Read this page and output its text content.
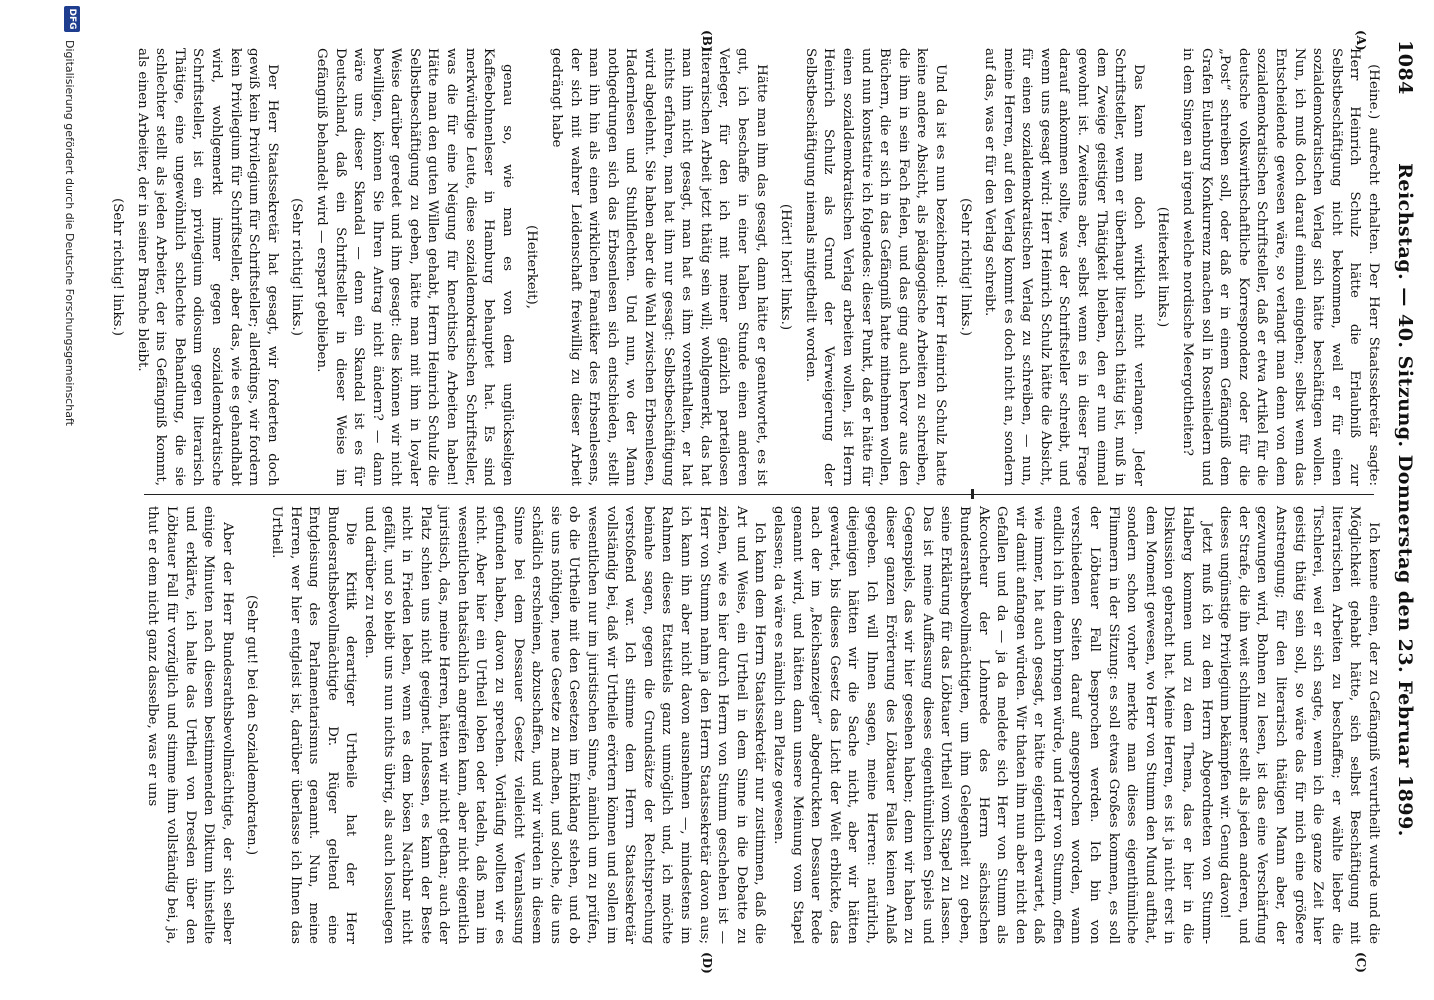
1084
Reichstag. — 40. Sitzung. Donnerstag den 23. Februar 1899.
(A)
(B)
(C)
(D)

(Heine.) aufrecht erhalten. Der Herr Staatssekretär sagte: Herr Heinrich Schulz hätte die Erlaubniß zur Selbstbeschäftigung nicht bekommen, weil er für einen sozialdemokratischen Verlag sich hätte beschäftigen wollen. Nun, ich muß doch darauf einmal eingehen; selbst wenn das Entscheidende gewesen wäre, so verlangt man denn von dem sozialdemokratischen Schriftsteller, daß er etwa Artikel für die deutsche volkswirthschaftliche Korrespondenz oder für die „Post“ schreiben soll, oder daß er in einem Gefängniß dem Grafen Eulenburg Konkurrenz machen soll in Rosenliedern und in dem Singen an irgend welche nordische Meergottheiten?

(Heiterkeit links.)

Das kann man doch wirklich nicht verlangen. Jeder Schriftsteller, wenn er überhaupt literarisch thätig ist, muß in dem Zweige geistiger Thätigkeit bleiben, den er nun einmal gewohnt ist. Zweitens aber, selbst wenn es in dieser Frage darauf ankommen sollte, was der Schriftsteller schreibt, und wenn uns gesagt wird: Herr Heinrich Schulz hätte die Absicht, für einen sozialdemokratischen Verlag zu schreiben, — nun, meine Herren, auf den Verlag kommt es doch nicht an, sondern auf das, was er für den Verlag schreibt.

(Sehr richtig! links.)

Und da ist es nun bezeichnend: Herr Heinrich Schulz hatte keine andere Absicht, als pädagogische Arbeiten zu schreiben, die ihm in sein Fach fielen, und das ging auch hervor aus den Büchern, die er sich in das Gefängniß hatte mitnehmen wollen, und nun konstatire ich folgendes: dieser Punkt, daß er hätte für einen sozialdemokratischen Verlag arbeiten wollen, ist Herrn Heinrich Schulz als Grund der Verweigerung der Selbstbeschäftigung niemals mitgetheilt worden.

(Hört! hört! links.)

Hätte man ihm das gesagt, dann hätte er geantwortet, es ist gut, ich beschaffe in einer halben Stunde einen anderen Verleger, für den ich mit meiner gänzlich parteilosen literarischen Arbeit jetzt thätig sein will; wohlgemerkt, das hat man ihm nicht gesagt, man hat es ihm vorenthalten, er hat nichts erfahren, man hat ihm nur gesagt: Selbstbeschäftigung wird abgelehnt. Sie haben aber die Wahl zwischen Erbsenlesen, Hadernlesen und Stuhlflechten. Und nun, wo der Mann nothgedrungen sich das Erbsenlesen sich entschieden, stellt man ihn hin als einen wirklichen Fanatiker des Erbsenlesens, der sich mit wahrer Leidenschaft freiwillig zu dieser Arbeit gedrängt habe

(Heiterkeit),

genau so, wie man es von dem unglückseligen Kaffeebohnenleser in Hamburg behauptet hat. Es sind merkwürdige Leute, diese sozialdemokratischen Schriftsteller, was die für eine Neigung für knechtische Arbeiten haben! Hätte man den guten Willen gehabt, Herrn Heinrich Schulz die Selbstbeschäftigung zu geben, hätte man mit ihm in loyaler Weise darüber geredet und ihm gesagt: dies können wir nicht bewilligen, können Sie Ihren Antrag nicht ändern? — dann wäre uns dieser Skandal — denn ein Skandal ist es für Deutschland, daß ein Schriftsteller in dieser Weise im Gefängniß behandelt wird — erspart geblieben.

(Sehr richtig! links.)

Der Herr Staatssekretär hat gesagt, wir forderten doch gewiß kein Privilegium für Schriftsteller; allerdings, wir fordern kein Privilegium für Schriftsteller, aber das, wie es gehandhabt wird, wohlgemerkt immer gegen sozialdemokratische Schriftsteller, ist ein privilegium odiosum gegen literarisch Thätige, eine ungewöhnlich schlechte Behandlung, die sie schlechter stellt als jeden Arbeiter, der ins Gefängniß kommt, als einen Arbeiter, der in seiner Branche bleibt.

(Sehr richtig! links.)

Ich kenne einen, der zu Gefängniß verurtheilt wurde und die Möglichkeit gehabt hätte, sich selbst Beschäftigung mit literarischen Arbeiten zu beschaffen; er wählte lieber die Tischlerei, weil er sich sagte, wenn ich die ganze Zeit hier geistig thätig sein soll, so wäre das für mich eine größere Anstrengung; für den literarisch thätigen Mann aber, der gezwungen wird, Bohnen zu lesen, ist das eine Verschärfung der Strafe, die ihn weit schlimmer stellt als jeden anderen, und dieses ungünstige Privilegium bekämpfen wir. Genug davon!

Jetzt muß ich zu dem Herrn Abgeordneten von Stumm-Halberg kommen und zu dem Thema, das er hier in die Diskussion gebracht hat. Meine Herren, es ist ja nicht erst in dem Moment gewesen, wo Herr von Stumm den Mund aufthat, sondern schon vorher merkte man dieses eigenthümliche Flimmern in der Sitzung: es soll etwas Großes kommen, es soll der Löbtauer Fall besprochen werden. Ich bin von verschiedenen Seiten darauf angesprochen worden, wann endlich ich ihn denn bringen würde, und Herr von Stumm, offen wie immer, hat auch gesagt, er hätte eigentlich erwartet, daß wir damit anfangen würden. Wir thaten ihm nun aber nicht den Gefallen und da — ja da meldete sich Herr von Stumm als Akcoucheur der Lohnrede des Herrn sächsischen Bundesrathsbevollmächtigten, um ihm Gelegenheit zu geben, seine Erklärung für das Löbtauer Urtheil vom Stapel zu lassen. Das ist meine Auffassung dieses eigenthümlichen Spiels und Gegenspiels, das wir hier gesehen haben; denn wir haben zu dieser ganzen Erörterung des Löbtauer Falles keinen Anlaß gegeben. Ich will Ihnen sagen, meine Herren: natürlich, diejenigen hätten wir die Sache nicht, aber wir hätten gewartet, bis dieses Gesetz das Licht der Welt erblickte, das nach der im „Reichsanzeiger“ abgedruckten Dessauer Rede genannt wird, und hätten dann unsere Meinung vom Stapel gelassen; da wäre es nämlich am Platze gewesen.

Ich kann dem Herrn Staatssekretär nur zustimmen, daß die Art und Weise, ein Urtheil in dem Sinne in die Debatte zu ziehen, wie es hier durch Herrn von Stumm geschehen ist — Herr von Stumm nahm ja den Herrn Staatssekretär davon aus; ich kann ihn aber nicht davon ausnehmen —, mindestens im Rahmen dieses Etatstitels ganz unmöglich und, ich möchte beinahe sagen, gegen die Grundsätze der Rechtsprechung verstoßend war. Ich stimme dem Herrn Staatssekretär vollständig bei, daß wir Urtheile erörtern können und sollen im wesentlichen nur im juristischen Sinne, nämlich um zu prüfen, ob die Urtheile mit den Gesetzen im Einklang stehen, und ob sie uns nöthigen, neue Gesetze zu machen, und solche, die uns schädlich erscheinen, abzuschaffen, und wir würden in diesem Sinne bei dem Dessauer Gesetz vielleicht Veranlassung gefunden haben, davon zu sprechen. Vorläufig wollten wir es nicht. Aber hier ein Urtheil loben oder tadeln, daß man im wesentlichen thatsächlich angreifen kann, aber nicht eigentlich juristisch, das, meine Herren, hätten wir nicht gethan; auch der Platz schien uns nicht geeignet. Indessen, es kann der Beste nicht in Frieden leben, wenn es dem bösen Nachbar nicht gefällt, und so bleibt uns nun nichts übrig, als auch lossulegen und darüber zu reden.

Die Kritik derartiger Urtheile hat der Herr Bundesrathsbevollmächtigte Dr. Rüger geltend eine Entgleisung des Parlamentarismus genannt. Nun, meine Herren, wer hier entgleist ist, darüber überlasse ich Ihnen das Urtheil.

(Sehr gut! bei den Sozialdemokraten.)

Aber der Herr Bundesrathsbevollmächtigte, der sich selber einige Minuten nach diesem bestimmenden Diktum hinstellte und erklärte, ich halte das Urtheil von Dresden über den Löbtauer Fall für vorzüglich und stimme ihm vollständig bei, ja, thut er dem nicht ganz dasselbe, was er uns

DFG
Digitalisierung gefördert durch die Deutsche Forschungsgemeinschaft
